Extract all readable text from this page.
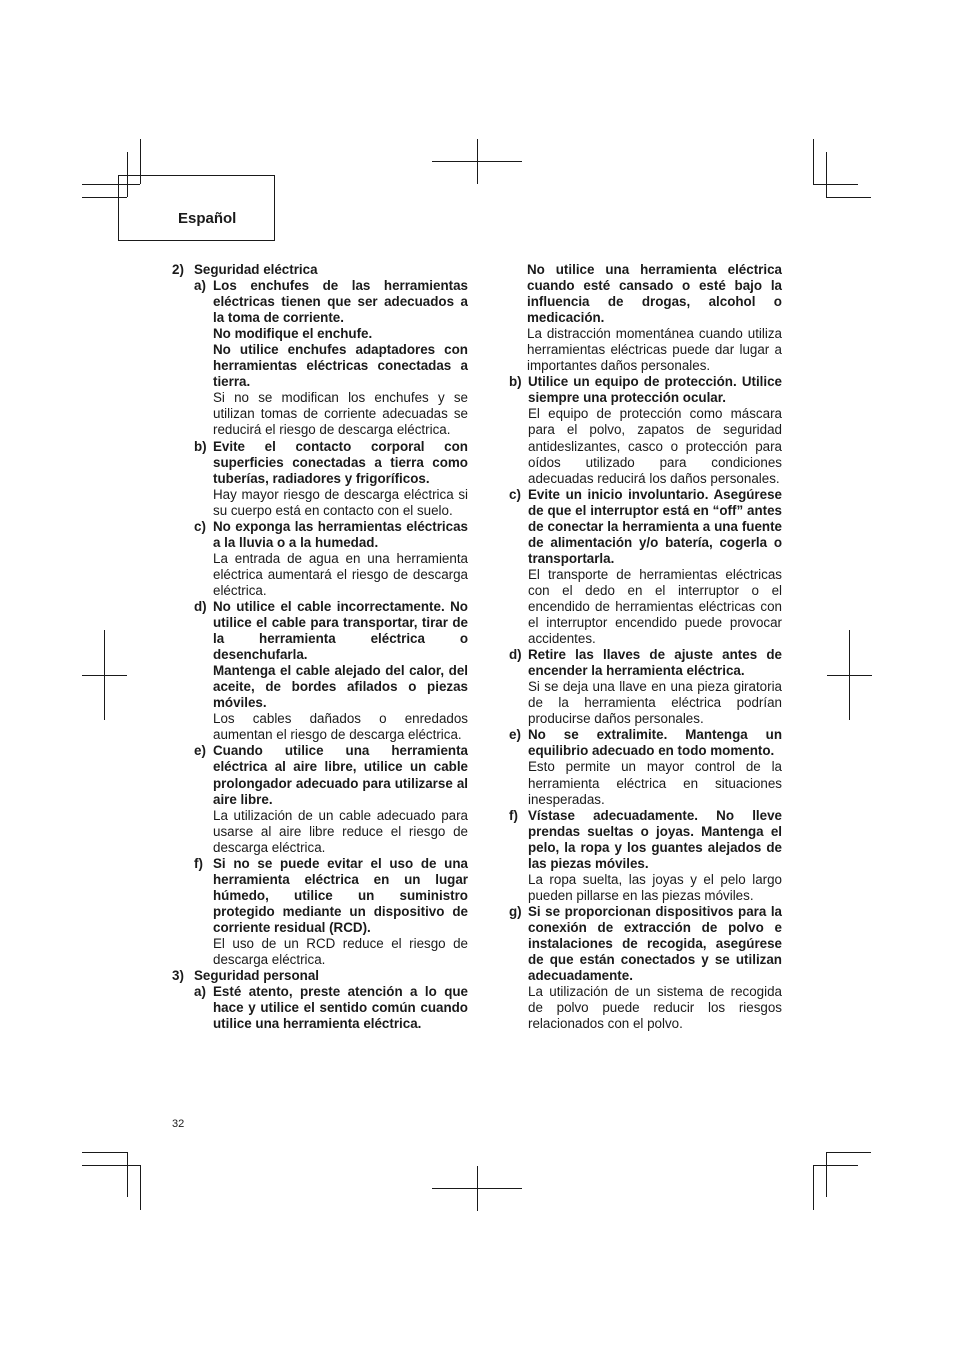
Español
2) Seguridad eléctrica
a) Los enchufes de las herramientas eléctricas tienen que ser adecuados a la toma de corriente.
No modifique el enchufe.
No utilice enchufes adaptadores con herramientas eléctricas conectadas a tierra.
Si no se modifican los enchufes y se utilizan tomas de corriente adecuadas se reducirá el riesgo de descarga eléctrica.
b) Evite el contacto corporal con superficies conectadas a tierra como tuberías, radiadores y frigoríficos.
Hay mayor riesgo de descarga eléctrica si su cuerpo está en contacto con el suelo.
c) No exponga las herramientas eléctricas a la lluvia o a la humedad.
La entrada de agua en una herramienta eléctrica aumentará el riesgo de descarga eléctrica.
d) No utilice el cable incorrectamente. No utilice el cable para transportar, tirar de la herramienta eléctrica o desenchufarla.
Mantenga el cable alejado del calor, del aceite, de bordes afilados o piezas móviles.
Los cables dañados o enredados aumentan el riesgo de descarga eléctrica.
e) Cuando utilice una herramienta eléctrica al aire libre, utilice un cable prolongador adecuado para utilizarse al aire libre.
La utilización de un cable adecuado para usarse al aire libre reduce el riesgo de descarga eléctrica.
f) Si no se puede evitar el uso de una herramienta eléctrica en un lugar húmedo, utilice un suministro protegido mediante un dispositivo de corriente residual (RCD).
El uso de un RCD reduce el riesgo de descarga eléctrica.
3) Seguridad personal
a) Esté atento, preste atención a lo que hace y utilice el sentido común cuando utilice una herramienta eléctrica.
No utilice una herramienta eléctrica cuando esté cansado o esté bajo la influencia de drogas, alcohol o medicación.
La distracción momentánea cuando utiliza herramientas eléctricas puede dar lugar a importantes daños personales.
b) Utilice un equipo de protección. Utilice siempre una protección ocular.
El equipo de protección como máscara para el polvo, zapatos de seguridad antideslizantes, casco o protección para oídos utilizado para condiciones adecuadas reducirá los daños personales.
c) Evite un inicio involuntario. Asegúrese de que el interruptor está en “off” antes de conectar la herramienta a una fuente de alimentación y/o batería, cogerla o transportarla.
El transporte de herramientas eléctricas con el dedo en el interruptor o el encendido de herramientas eléctricas con el interruptor encendido puede provocar accidentes.
d) Retire las llaves de ajuste antes de encender la herramienta eléctrica.
Si se deja una llave en una pieza giratoria de la herramienta eléctrica podrían producirse daños personales.
e) No se extralimite. Mantenga un equilibrio adecuado en todo momento.
Esto permite un mayor control de la herramienta eléctrica en situaciones inesperadas.
f) Vístase adecuadamente. No lleve prendas sueltas o joyas. Mantenga el pelo, la ropa y los guantes alejados de las piezas móviles.
La ropa suelta, las joyas y el pelo largo pueden pillarse en las piezas móviles.
g) Si se proporcionan dispositivos para la conexión de extracción de polvo e instalaciones de recogida, asegúrese de que están conectados y se utilizan adecuadamente.
La utilización de un sistema de recogida de polvo puede reducir los riesgos relacionados con el polvo.
32
